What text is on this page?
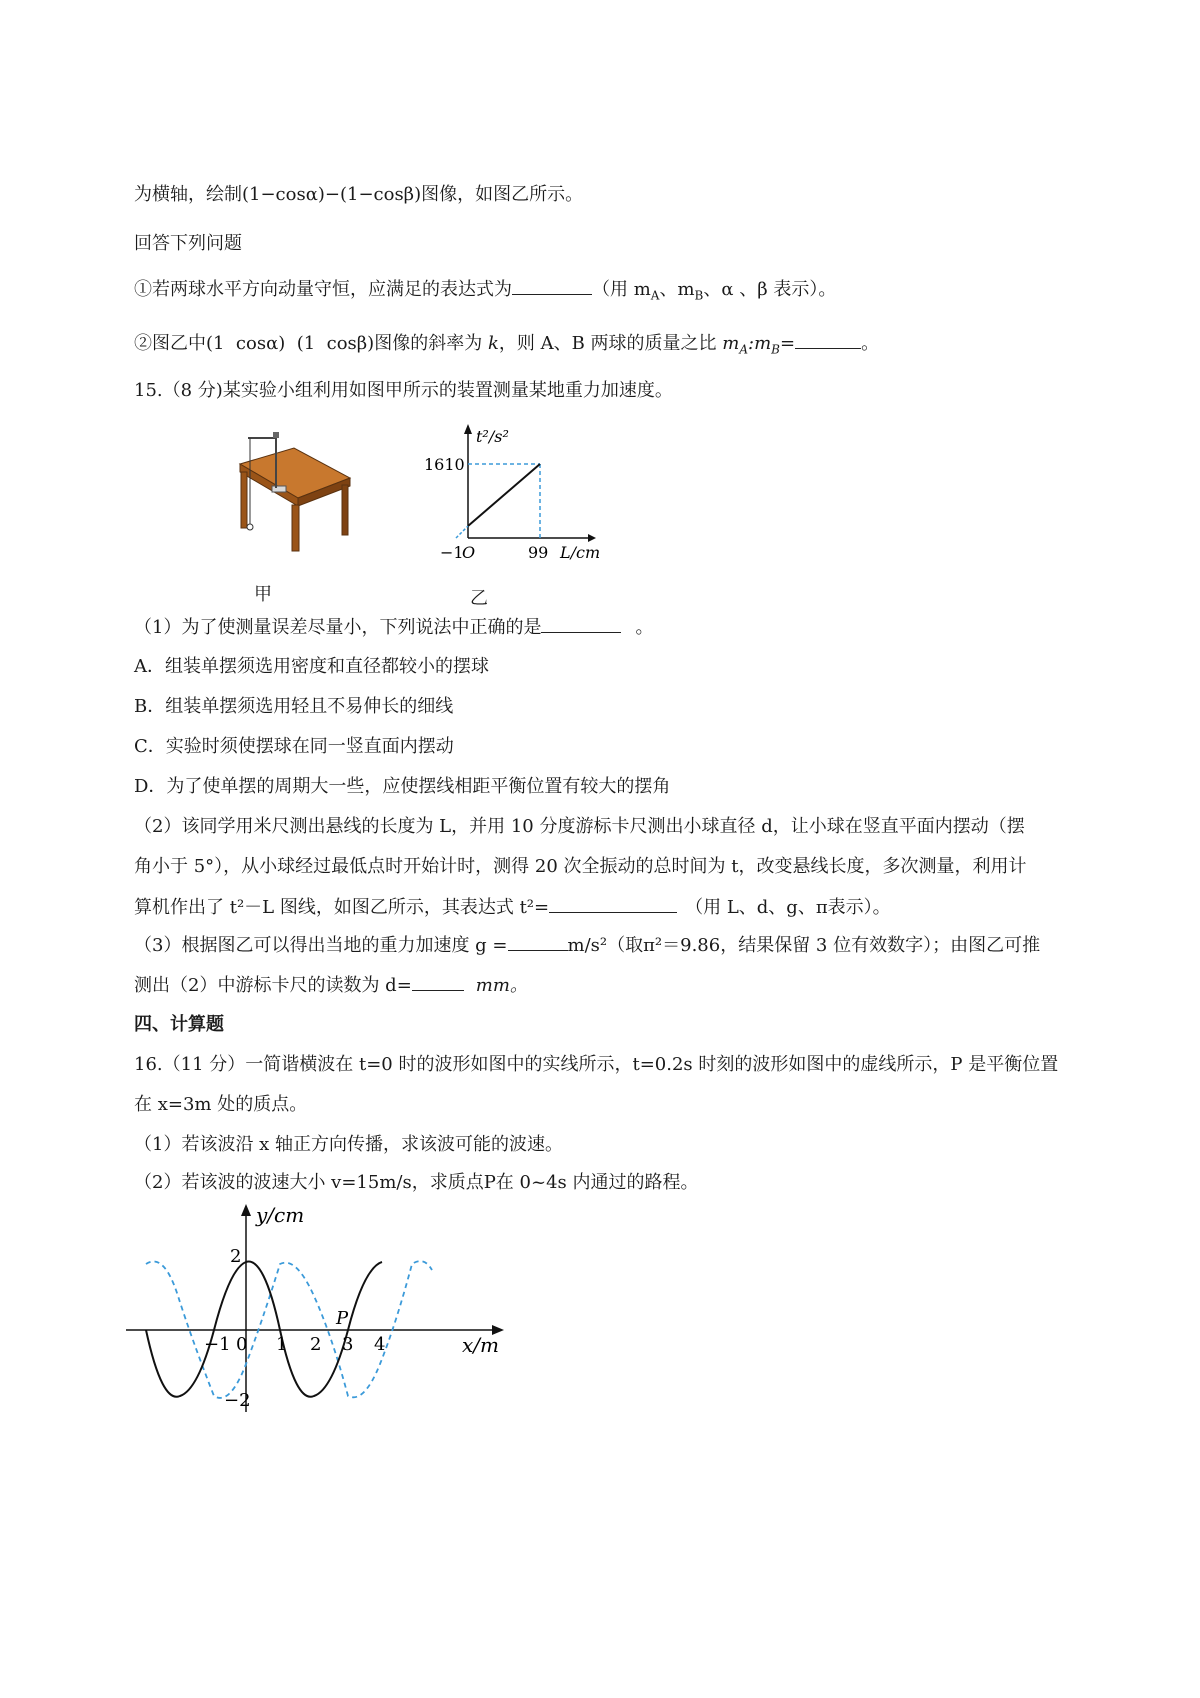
为横轴，绘制(1−cosα)−(1−cosβ)图像，如图乙所示。
回答下列问题
①若两球水平方向动量守恒，应满足的表达式为	（用 $m_A$、$m_B$、α 、β 表示）。
②图乙中(1  cosα)  (1  cosβ)图像的斜率为 k，则 A、B 两球的质量之比 $m_A:m_B=$	。
15.（8 分)某实验小组利用如图甲所示的装置测量某地重力加速度。
甲
t²/s²
1610
−1
O	99 L/cm
乙
（1）为了使测量误差尽量小，下列说法中正确的是	。
A．组装单摆须选用密度和直径都较小的摆球
B．组装单摆须选用轻且不易伸长的细线
C．实验时须使摆球在同一竖直面内摆动
D．为了使单摆的周期大一些，应使摆线相距平衡位置有较大的摆角
（2）该同学用米尺测出悬线的长度为 L，并用 10 分度游标卡尺测出小球直径 d，让小球在竖直平面内摆动（摆
角小于 5°），从小球经过最低点时开始计时，测得 20 次全振动的总时间为 t，改变悬线长度，多次测量，利用计
算机作出了 t²－L 图线，如图乙所示，其表达式 t²=	（用 L、d、g、π表示）。
（3）根据图乙可以得出当地的重力加速度 g =	m/s²（取π²＝9.86，结果保留 3 位有效数字）；由图乙可推
测出（2）中游标卡尺的读数为 d=	mm。
四、计算题
16.（11 分）一简谐横波在 t=0 时的波形如图中的实线所示，t=0.2s 时刻的波形如图中的虚线所示，P 是平衡位置
在 x=3m 处的质点。
（1）若该波沿 x 轴正方向传播，求该波可能的波速。
（2）若该波的波速大小 v=15m/s，求质点P在 0~4s 内通过的路程。
y/cm
2
−2
x/m
−1 0 1 2 3 4
P
